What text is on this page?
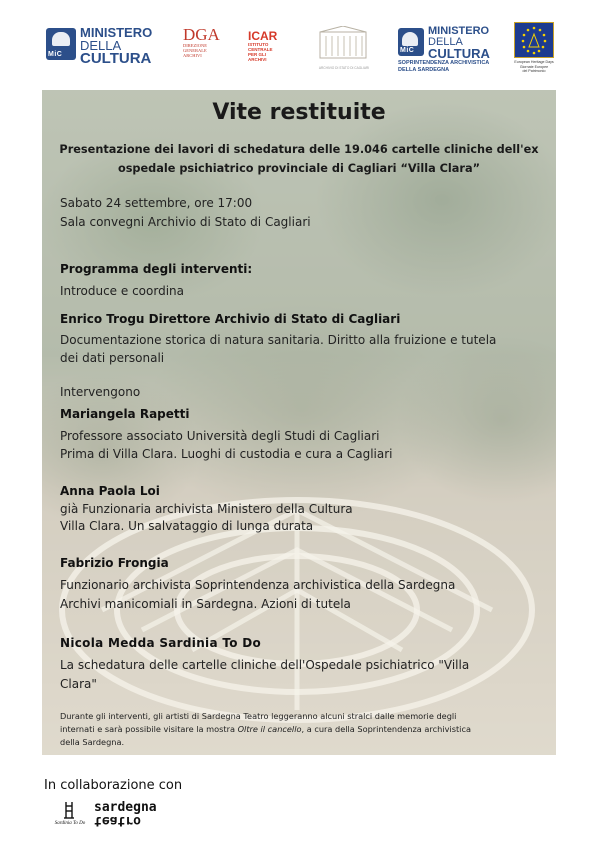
MiC
MINISTERO
DELLA
CULTURA
DGA
DIREZIONE
GENERALE
ARCHIVI
ICAR
ISTITUTO
CENTRALE
PER GLI
ARCHIVI
ARCHIVIO DI STATO DI CAGLIARI
MiC
MINISTERO
DELLA
CULTURA
SOPRINTENDENZA ARCHIVISTICA
DELLA SARDEGNA
European Heritage Days
Giornate Europee
del Patrimonio
Vite restituite
Presentazione dei lavori di schedatura delle 19.046 cartelle cliniche dell'ex
ospedale psichiatrico provinciale di Cagliari “Villa Clara”
Sabato 24 settembre, ore 17:00
Sala convegni Archivio di Stato di Cagliari
Programma degli interventi:
Introduce e coordina
Enrico Trogu Direttore Archivio di Stato di Cagliari
Documentazione storica di natura sanitaria. Diritto alla fruizione e tutela
dei dati personali
Intervengono
Mariangela Rapetti
Professore associato Università degli Studi di Cagliari
Prima di Villa Clara. Luoghi di custodia e cura a Cagliari
Anna Paola Loi
già Funzionaria archivista Ministero della Cultura
Villa Clara. Un salvataggio di lunga durata
Fabrizio Frongia
Funzionario archivista Soprintendenza archivistica della Sardegna
Archivi manicomiali in Sardegna. Azioni di tutela
Nicola Medda Sardinia To Do
La schedatura delle cartelle cliniche dell'Ospedale psichiatrico "Villa
Clara"
Durante gli interventi, gli artisti di Sardegna Teatro leggeranno alcuni stralci dalle memorie degli
internati e sarà possibile visitare la mostra Oltre il cancello, a cura della Soprintendenza archivistica
della Sardegna.
In collaborazione con
Sardinia To Do
sardegna
teatro
